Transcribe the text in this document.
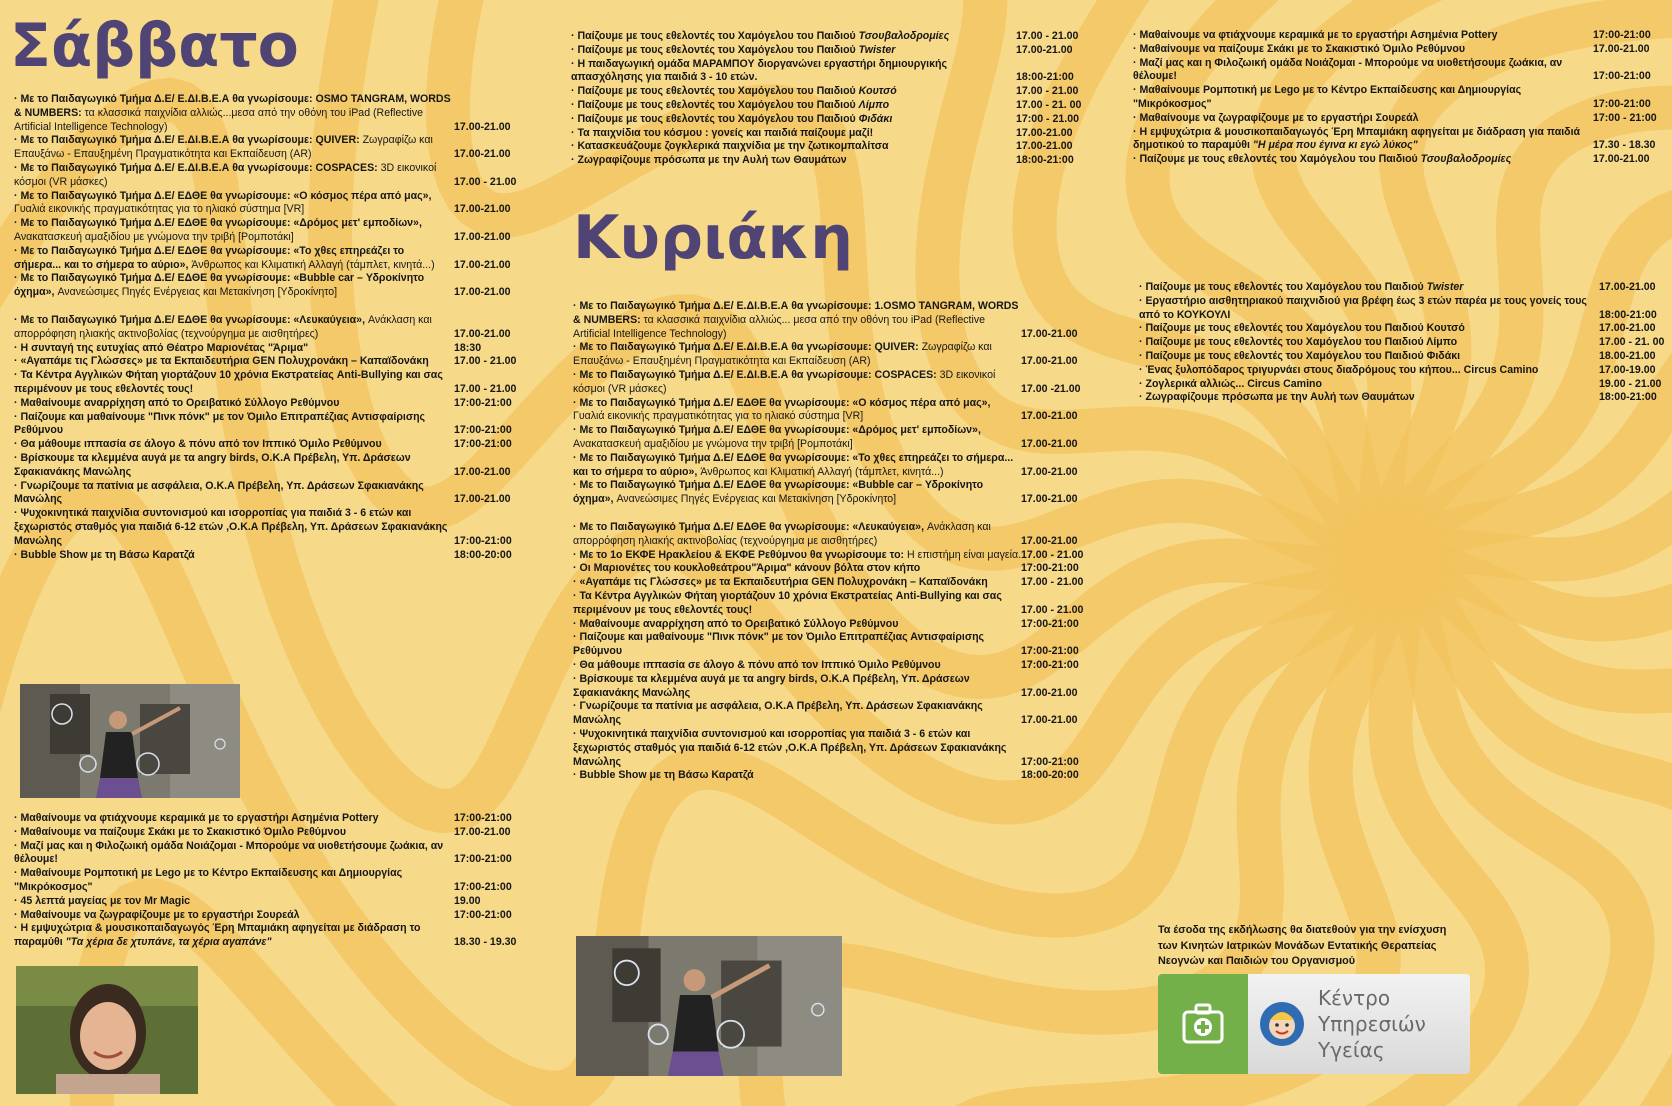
Σάββατο
· Με το Παιδαγωγικό Τμήμα Δ.Ε/ Ε.ΔΙ.Β.Ε.Α θα γνωρίσουμε: OSMO TANGRAM, WORDS & NUMBERS: τα κλασσικά παιχνίδια αλλιώς...μεσα από την οθόνη του iPad (Reflective Artificial Intelligence Technology)	17.00-21.00
· Με το Παιδαγωγικό Τμήμα Δ.Ε/ Ε.ΔΙ.Β.Ε.Α θα γνωρίσουμε: QUIVER: Ζωγραφίζω και Επαυξάνω - Επαυξημένη Πραγματικότητα και Εκπαίδευση (AR)	17.00-21.00
· Με το Παιδαγωγικό Τμήμα Δ.Ε/ Ε.ΔΙ.Β.Ε.Α θα γνωρίσουμε: COSPACES: 3D εικονικοί κόσμοι (VR μάσκες)	17.00 - 21.00
· Με το Παιδαγωγικό Τμήμα Δ.Ε/ ΕΔΘΕ θα γνωρίσουμε: «Ο κόσμος πέρα από μας», Γυαλιά εικονικής πραγματικότητας για το ηλιακό σύστημα [VR]	17.00-21.00
· Με το Παιδαγωγικό Τμήμα Δ.Ε/ ΕΔΘΕ θα γνωρίσουμε: «Δρόμος μετ' εμποδίων», Ανακατασκευή αμαξιδίου με γνώμονα την τριβή [Ρομποτάκι]	17.00-21.00
· Με το Παιδαγωγικό Τμήμα Δ.Ε/ ΕΔΘΕ θα γνωρίσουμε: «Το χθες επηρεάζει το σήμερα... και το σήμερα το αύριο», Άνθρωπος και Κλιματική Αλλαγή (τάμπλετ, κινητά...)	17.00-21.00
· Με το Παιδαγωγικό Τμήμα Δ.Ε/ ΕΔΘΕ θα γνωρίσουμε: «Bubble car – Υδροκίνητο όχημα», Ανανεώσιμες Πηγές Ενέργειας και Μετακίνηση [Υδροκίνητο]	17.00-21.00
· Με το Παιδαγωγικό Τμήμα Δ.Ε/ ΕΔΘΕ θα γνωρίσουμε: «Λευκαύγεια», Ανάκλαση και απορρόφηση ηλιακής ακτινοβολίας (τεχνούργημα με αισθητήρες)	17.00-21.00
· Η συνταγή της ευτυχίας από Θέατρο Μαριονέτας "Άριμα"	18:30
· «Αγαπάμε τις Γλώσσες» με τα Εκπαιδευτήρια GEN Πολυχρονάκη – Καπαϊδονάκη	17.00 - 21.00
· Τα Κέντρα Αγγλικών Φήταη γιορτάζουν 10 χρόνια Εκστρατείας Anti-Bullying και σας περιμένουν με τους εθελοντές τους!	17.00 - 21.00
· Μαθαίνουμε αναρρίχηση από το Ορειβατικό Σύλλογο Ρεθύμνου	17:00-21:00
· Παίζουμε και μαθαίνουμε "Πινκ πόνκ" με τον Όμιλο Επιτραπέζιας Αντισφαίρισης Ρεθύμνου	17:00-21:00
· Θα μάθουμε ιππασία σε άλογο & πόνυ από τον Ιππικό Όμιλο Ρεθύμνου	17:00-21:00
· Βρίσκουμε τα κλεμμένα αυγά με τα angry birds, Ο.Κ.Α Πρέβελη, Υπ. Δράσεων Σφακιανάκης Μανώλης	17.00-21.00
· Γνωρίζουμε τα πατίνια με ασφάλεια, Ο.Κ.Α Πρέβελη, Υπ. Δράσεων Σφακιανάκης Μανώλης	17.00-21.00
· Ψυχοκινητικά παιχνίδια συντονισμού και ισορροπίας για παιδιά 3 - 6 ετών και ξεχωριστός σταθμός για παιδιά 6-12 ετών ,Ο.Κ.Α Πρέβελη, Υπ. Δράσεων Σφακιανάκης Μανώλης	17:00-21:00
· Bubble Show με τη Βάσω Καρατζά	18:00-20:00
· Μαθαίνουμε να φτιάχνουμε κεραμικά με το εργαστήρι Ασημένια Pottery	17:00-21:00
· Μαθαίνουμε να παίζουμε Σκάκι με το Σκακιστικό Όμιλο Ρεθύμνου	17.00-21.00
· Μαζί μας και η Φιλοζωική ομάδα Νοιάζομαι - Μπορούμε να υιοθετήσουμε ζωάκια, αν θέλουμε!	17:00-21:00
· Μαθαίνουμε Ρομποτική με Lego με το Κέντρο Εκπαίδευσης και Δημιουργίας "Μικρόκοσμος"	17:00-21:00
· 45 λεπτά μαγείας με τον Mr Magic	19.00
· Μαθαίνουμε να ζωγραφίζουμε με το εργαστήρι Σουρεάλ	17:00-21:00
· Η εμψυχώτρια & μουσικοπαιδαγωγός Έρη Μπαμιάκη αφηγείται με διάδραση το παραμύθι "Τα χέρια δε χτυπάνε, τα χέρια αγαπάνε"	18.30 - 19.30
· Παίζουμε με τους εθελοντές του Χαμόγελου του Παιδιού Τσουβαλοδρομίες	17.00 - 21.00
· Παίζουμε με τους εθελοντές του Χαμόγελου του Παιδιού Twister	17.00-21.00
· Η παιδαγωγική ομάδα ΜΑΡΑΜΠΟΥ διοργανώνει εργαστήρι δημιουργικής απασχόλησης για παιδιά 3 - 10 ετών.	18:00-21:00
· Παίζουμε με τους εθελοντές του Χαμόγελου του Παιδιού Κουτσό	17.00 - 21.00
· Παίζουμε με τους εθελοντές του Χαμόγελου του Παιδιού Λίμπο	17.00 - 21. 00
· Παίζουμε με τους εθελοντές του Χαμόγελου του Παιδιού Φιδάκι	17:00 - 21.00
· Τα παιχνίδια του κόσμου : γονείς και παιδιά παίζουμε μαζί!	17.00-21.00
· Κατασκευάζουμε ζογκλερικά παιχνίδια με την ζωτικομπαλίτσα	17.00-21.00
· Ζωγραφίζουμε πρόσωπα με την Αυλή των Θαυμάτων	18:00-21:00
Κυριάκη
· Με το Παιδαγωγικό Τμήμα Δ.Ε/ Ε.ΔΙ.Β.Ε.Α θα γνωρίσουμε: 1.OSMO TANGRAM, WORDS & NUMBERS: τα κλασσικά παιχνίδια αλλιώς... μεσα από την οθόνη του iPad (Reflective Artificial Intelligence Technology)	17.00-21.00
· Με το Παιδαγωγικό Τμήμα Δ.Ε/ Ε.ΔΙ.Β.Ε.Α θα γνωρίσουμε: QUIVER: Ζωγραφίζω και Επαυξάνω - Επαυξημένη Πραγματικότητα και Εκπαίδευση (AR)	17.00-21.00
· Με το Παιδαγωγικό Τμήμα Δ.Ε/ Ε.ΔΙ.Β.Ε.Α θα γνωρίσουμε: COSPACES: 3D εικονικοί κόσμοι (VR μάσκες)	17.00 -21.00
· Με το Παιδαγωγικό Τμήμα Δ.Ε/ ΕΔΘΕ θα γνωρίσουμε: «Ο κόσμος πέρα από μας», Γυαλιά εικονικής πραγματικότητας για το ηλιακό σύστημα [VR]	17.00-21.00
· Με το Παιδαγωγικό Τμήμα Δ.Ε/ ΕΔΘΕ θα γνωρίσουμε: «Δρόμος μετ' εμποδίων», Ανακατασκευή αμαξιδίου με γνώμονα την τριβή [Ρομποτάκι]	17.00-21.00
· Με το Παιδαγωγικό Τμήμα Δ.Ε/ ΕΔΘΕ θα γνωρίσουμε: «Το χθες επηρεάζει το σήμερα... και το σήμερα το αύριο», Άνθρωπος και Κλιματική Αλλαγή (τάμπλετ, κινητά...)	17.00-21.00
· Με το Παιδαγωγικό Τμήμα Δ.Ε/ ΕΔΘΕ θα γνωρίσουμε: «Bubble car – Υδροκίνητο όχημα», Ανανεώσιμες Πηγές Ενέργειας και Μετακίνηση [Υδροκίνητο]	17.00-21.00
· Με το Παιδαγωγικό Τμήμα Δ.Ε/ ΕΔΘΕ θα γνωρίσουμε: «Λευκαύγεια», Ανάκλαση και απορρόφηση ηλιακής ακτινοβολίας (τεχνούργημα με αισθητήρες)	17.00-21.00
· Με το 1ο ΕΚΦΕ Ηρακλείου & ΕΚΦΕ Ρεθύμνου θα γνωρίσουμε το: Η επιστήμη είναι μαγεία. 17.00 - 21.00
· Οι Μαριονέτες του κουκλοθεάτρου"Άριμα" κάνουν βόλτα στον κήπο	17:00-21:00
· «Αγαπάμε τις Γλώσσες» με τα Εκπαιδευτήρια GEN Πολυχρονάκη – Καπαϊδονάκη	17.00 - 21.00
· Τα Κέντρα Αγγλικών Φήταη γιορτάζουν 10 χρόνια Εκστρατείας Anti-Bullying και σας περιμένουν με τους εθελοντές τους!	17.00 - 21.00
· Μαθαίνουμε αναρρίχηση από το Ορειβατικό Σύλλογο Ρεθύμνου	17:00-21:00
· Παίζουμε και μαθαίνουμε "Πινκ πόνκ" με τον Όμιλο Επιτραπέζιας Αντισφαίρισης Ρεθύμνου	17:00-21:00
· Θα μάθουμε ιππασία σε άλογο & πόνυ από τον Ιππικό Όμιλο Ρεθύμνου	17:00-21:00
· Βρίσκουμε τα κλεμμένα αυγά με τα angry birds, Ο.Κ.Α Πρέβελη, Υπ. Δράσεων Σφακιανάκης Μανώλης	17.00-21.00
· Γνωρίζουμε τα πατίνια με ασφάλεια, Ο.Κ.Α Πρέβελη, Υπ. Δράσεων Σφακιανάκης Μανώλης	17.00-21.00
· Ψυχοκινητικά παιχνίδια συντονισμού και ισορροπίας για παιδιά 3 - 6 ετών και ξεχωριστός σταθμός για παιδιά 6-12 ετών ,Ο.Κ.Α Πρέβελη, Υπ. Δράσεων Σφακιανάκης Μανώλης	17:00-21:00
· Bubble Show με τη Βάσω Καρατζά	18:00-20:00
· Μαθαίνουμε να φτιάχνουμε κεραμικά με το εργαστήρι Ασημένια Pottery	17:00-21:00
· Μαθαίνουμε να παίζουμε Σκάκι με το Σκακιστικό Όμιλο Ρεθύμνου	17.00-21.00
· Μαζί μας και η Φιλοζωική ομάδα Νοιάζομαι - Μπορούμε να υιοθετήσουμε ζωάκια, αν θέλουμε!	17:00-21:00
· Μαθαίνουμε Ρομποτική με Lego με το Κέντρο Εκπαίδευσης και Δημιουργίας "Μικρόκοσμος"	17:00-21:00
· Μαθαίνουμε να ζωγραφίζουμε με το εργαστήρι Σουρεάλ	17:00 - 21:00
· Η εμψυχώτρια & μουσικοπαιδαγωγός Έρη Μπαμιάκη αφηγείται με διάδραση για παιδιά δημοτικού το παραμύθι "Η μέρα που έγινα κι εγώ λύκος"	17.30 - 18.30
· Παίζουμε με τους εθελοντές του Χαμόγελου του Παιδιού Τσουβαλοδρομίες	17.00-21.00
· Παίζουμε με τους εθελοντές του Χαμόγελου του Παιδιού Twister	17.00-21.00
· Εργαστήριο αισθητηριακού παιχνιδιού για βρέφη έως 3 ετών παρέα με τους γονείς τους από το ΚΟΥΚΟΥΛΙ	18:00-21:00
· Παίζουμε με τους εθελοντές του Χαμόγελου του Παιδιού Κουτσό	17.00-21.00
· Παίζουμε με τους εθελοντές του Χαμόγελου του Παιδιού Λίμπο	17.00 - 21. 00
· Παίζουμε με τους εθελοντές του Χαμόγελου του Παιδιού Φιδάκι	18.00-21.00
· Ένας ξυλοπόδαρος τριγυρνάει στους διαδρόμους του κήπου... Circus Camino	17.00-19.00
· Ζογλερικά αλλιώς... Circus Camino	19.00 - 21.00
· Ζωγραφίζουμε πρόσωπα με την Αυλή των Θαυμάτων	18:00-21:00
Τα έσοδα της εκδήλωσης θα διατεθούν για την ενίσχυση των Κινητών Ιατρικών Μονάδων Εντατικής Θεραπείας Νεογνών και Παιδιών του Οργανισμού
Κέντρο
Υπηρεσιών
Υγείας
